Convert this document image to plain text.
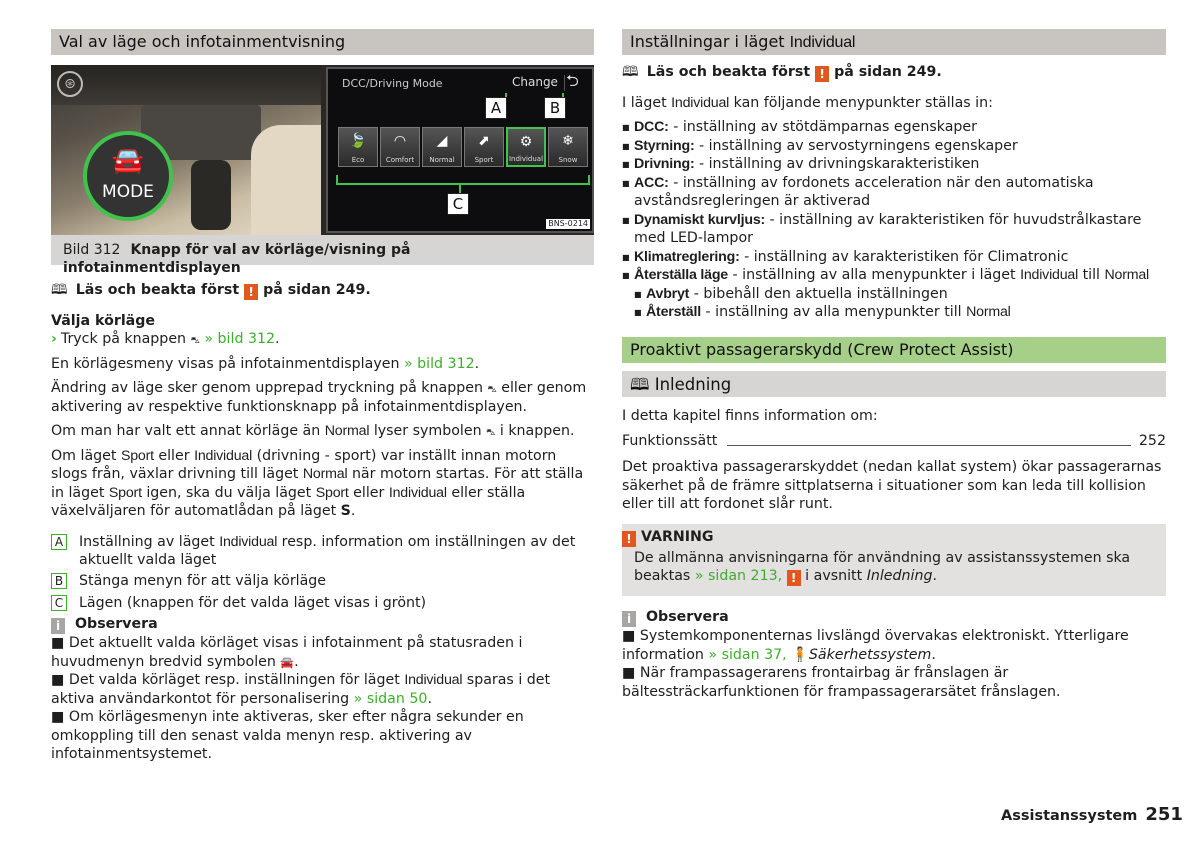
Val av läge och infotainmentvisning
⊛
🚘
MODE
DCC/Driving Mode	Change ⮌
🍃
Eco
◠
Comfort
◢
Normal
⬈
Sport
⚙
Individual
❄
Snow
A	B
C
BNS-0214
Bild 312 Knapp för val av körläge/visning på infotainmentdisplayen

🕮 Läs och beakta först ! på sidan 249.

Välja körläge

› Tryck på knappen ⛍ » bild 312.

En körlägesmeny visas på infotainmentdisplayen » bild 312.

Ändring av läge sker genom upprepad tryckning på knappen ⛍ eller genom aktivering av respektive funktionsknapp på infotainmentdisplayen.

Om man har valt ett annat körläge än Normal lyser symbolen ⛍ i knappen.

Om läget Sport eller Individual (drivning - sport) var inställt innan motorn slogs från, växlar drivning till läget Normal när motorn startas. För att ställa in läget Sport igen, ska du välja läget Sport eller Individual eller ställa växelväljaren för automatlådan på läget S.

A Inställning av läget Individual resp. information om inställningen av det aktuellt valda läget
B Stänga menyn för att välja körläge
C Lägen (knappen för det valda läget visas i grönt)

i Observera

■ Det aktuellt valda körläget visas i infotainment på statusraden i huvudmenyn bredvid symbolen 🚘.

■ Det valda körläget resp. inställningen för läget Individual sparas i det aktiva användarkontot för personalisering » sidan 50.

■ Om körlägesmenyn inte aktiveras, sker efter några sekunder en omkoppling till den senast valda menyn resp. aktivering av infotainmentsystemet.

Inställningar i läget Individual

🕮 Läs och beakta först ! på sidan 249.

I läget Individual kan följande menypunkter ställas in:

■ DCC: - inställning av stötdämparnas egenskaper
■ Styrning: - inställning av servostyrningens egenskaper
■ Drivning: - inställning av drivningskarakteristiken
■ ACC: - inställning av fordonets acceleration när den automatiska avståndsregleringen är aktiverad
■ Dynamiskt kurvljus: - inställning av karakteristiken för huvudstrålkastare med LED-lampor
■ Klimatreglering: - inställning av karakteristiken för Climatronic
■ Återställa läge - inställning av alla menypunkter i läget Individual till Normal
■ Avbryt - bibehåll den aktuella inställningen
■ Återställ - inställning av alla menypunkter till Normal
Proaktivt passagerarskydd (Crew Protect Assist)
🕮 Inledning

I detta kapitel finns information om:

Funktionssätt	252

Det proaktiva passagerarskyddet (nedan kallat system) ökar passagerarnas säkerhet på de främre sittplatserna i situationer som kan leda till kollision eller till att fordonet slår runt.

! VARNING

De allmänna anvisningarna för användning av assistanssystemen ska beaktas » sidan 213, ! i avsnitt Inledning.

i Observera

■ Systemkomponenternas livslängd övervakas elektroniskt. Ytterligare information » sidan 37, 🧍Säkerhetssystem.

■ När frampassagerarens frontairbag är frånslagen är bältessträckarfunktionen för frampassagerarsätet frånslagen.

Assistanssystem 251
